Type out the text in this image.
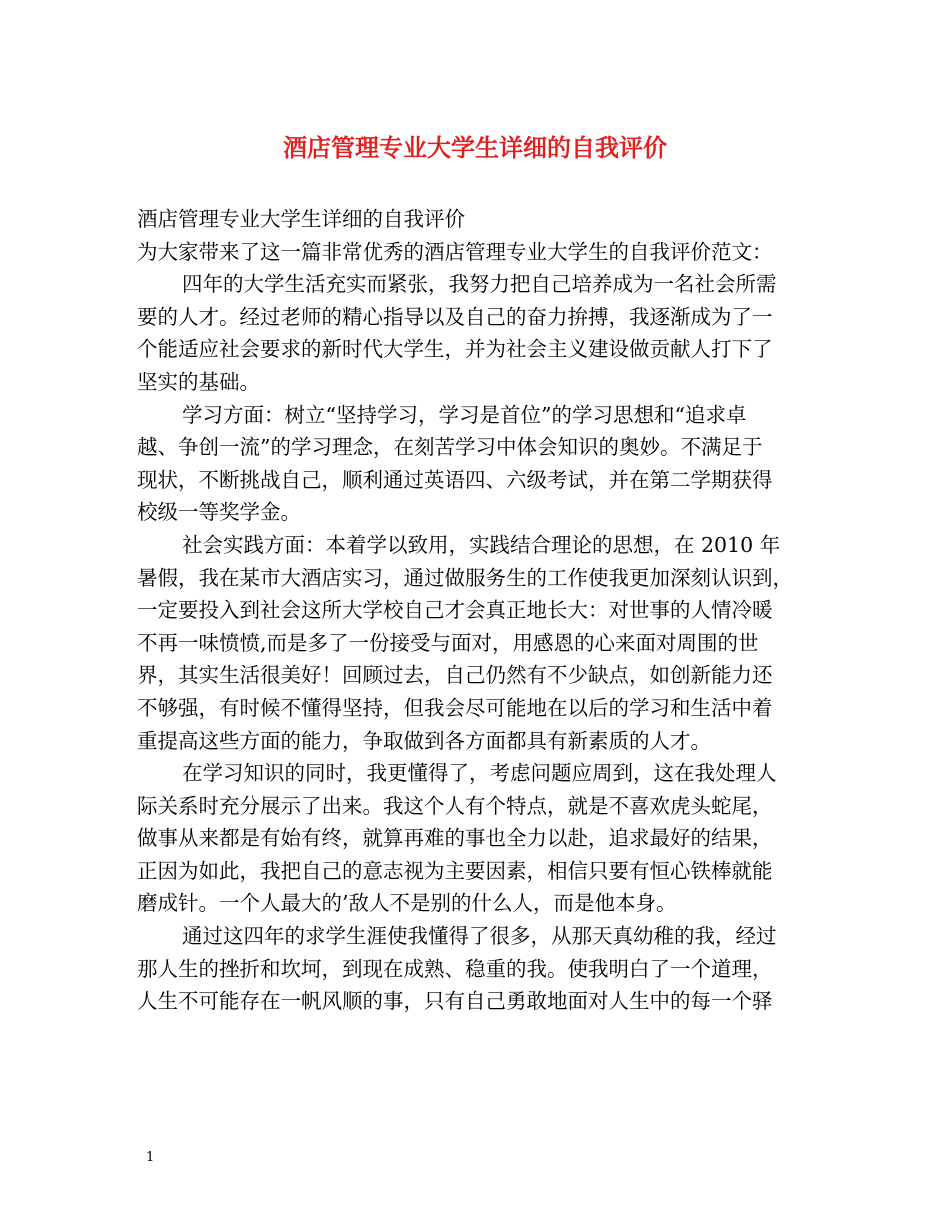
酒店管理专业大学生详细的自我评价
酒店管理专业大学生详细的自我评价
为大家带来了这一篇非常优秀的酒店管理专业大学生的自我评价范文：
四年的大学生活充实而紧张，我努力把自己培养成为一名社会所需
要的人才。经过老师的精心指导以及自己的奋力拚搏，我逐渐成为了一
个能适应社会要求的新时代大学生，并为社会主义建设做贡献人打下了
坚实的基础。
学习方面：树立“坚持学习，学习是首位”的学习思想和“追求卓
越、争创一流”的学习理念，在刻苦学习中体会知识的奥妙。不满足于
现状，不断挑战自己，顺利通过英语四、六级考试，并在第二学期获得
校级一等奖学金。
社会实践方面：本着学以致用，实践结合理论的思想，在 2010 年
暑假，我在某市大酒店实习，通过做服务生的工作使我更加深刻认识到，
一定要投入到社会这所大学校自己才会真正地长大：对世事的人情冷暖
不再一味愤愤,而是多了一份接受与面对，用感恩的心来面对周围的世
界，其实生活很美好！回顾过去，自己仍然有不少缺点，如创新能力还
不够强，有时候不懂得坚持，但我会尽可能地在以后的学习和生活中着
重提高这些方面的能力，争取做到各方面都具有新素质的人才。
在学习知识的同时，我更懂得了，考虑问题应周到，这在我处理人
际关系时充分展示了出来。我这个人有个特点，就是不喜欢虎头蛇尾，
做事从来都是有始有终，就算再难的事也全力以赴，追求最好的结果，
正因为如此，我把自己的意志视为主要因素，相信只要有恒心铁棒就能
磨成针。一个人最大的’敌人不是别的什么人，而是他本身。
通过这四年的求学生涯使我懂得了很多，从那天真幼稚的我，经过
那人生的挫折和坎坷，到现在成熟、稳重的我。使我明白了一个道理，
人生不可能存在一帆风顺的事，只有自己勇敢地面对人生中的每一个驿
1
